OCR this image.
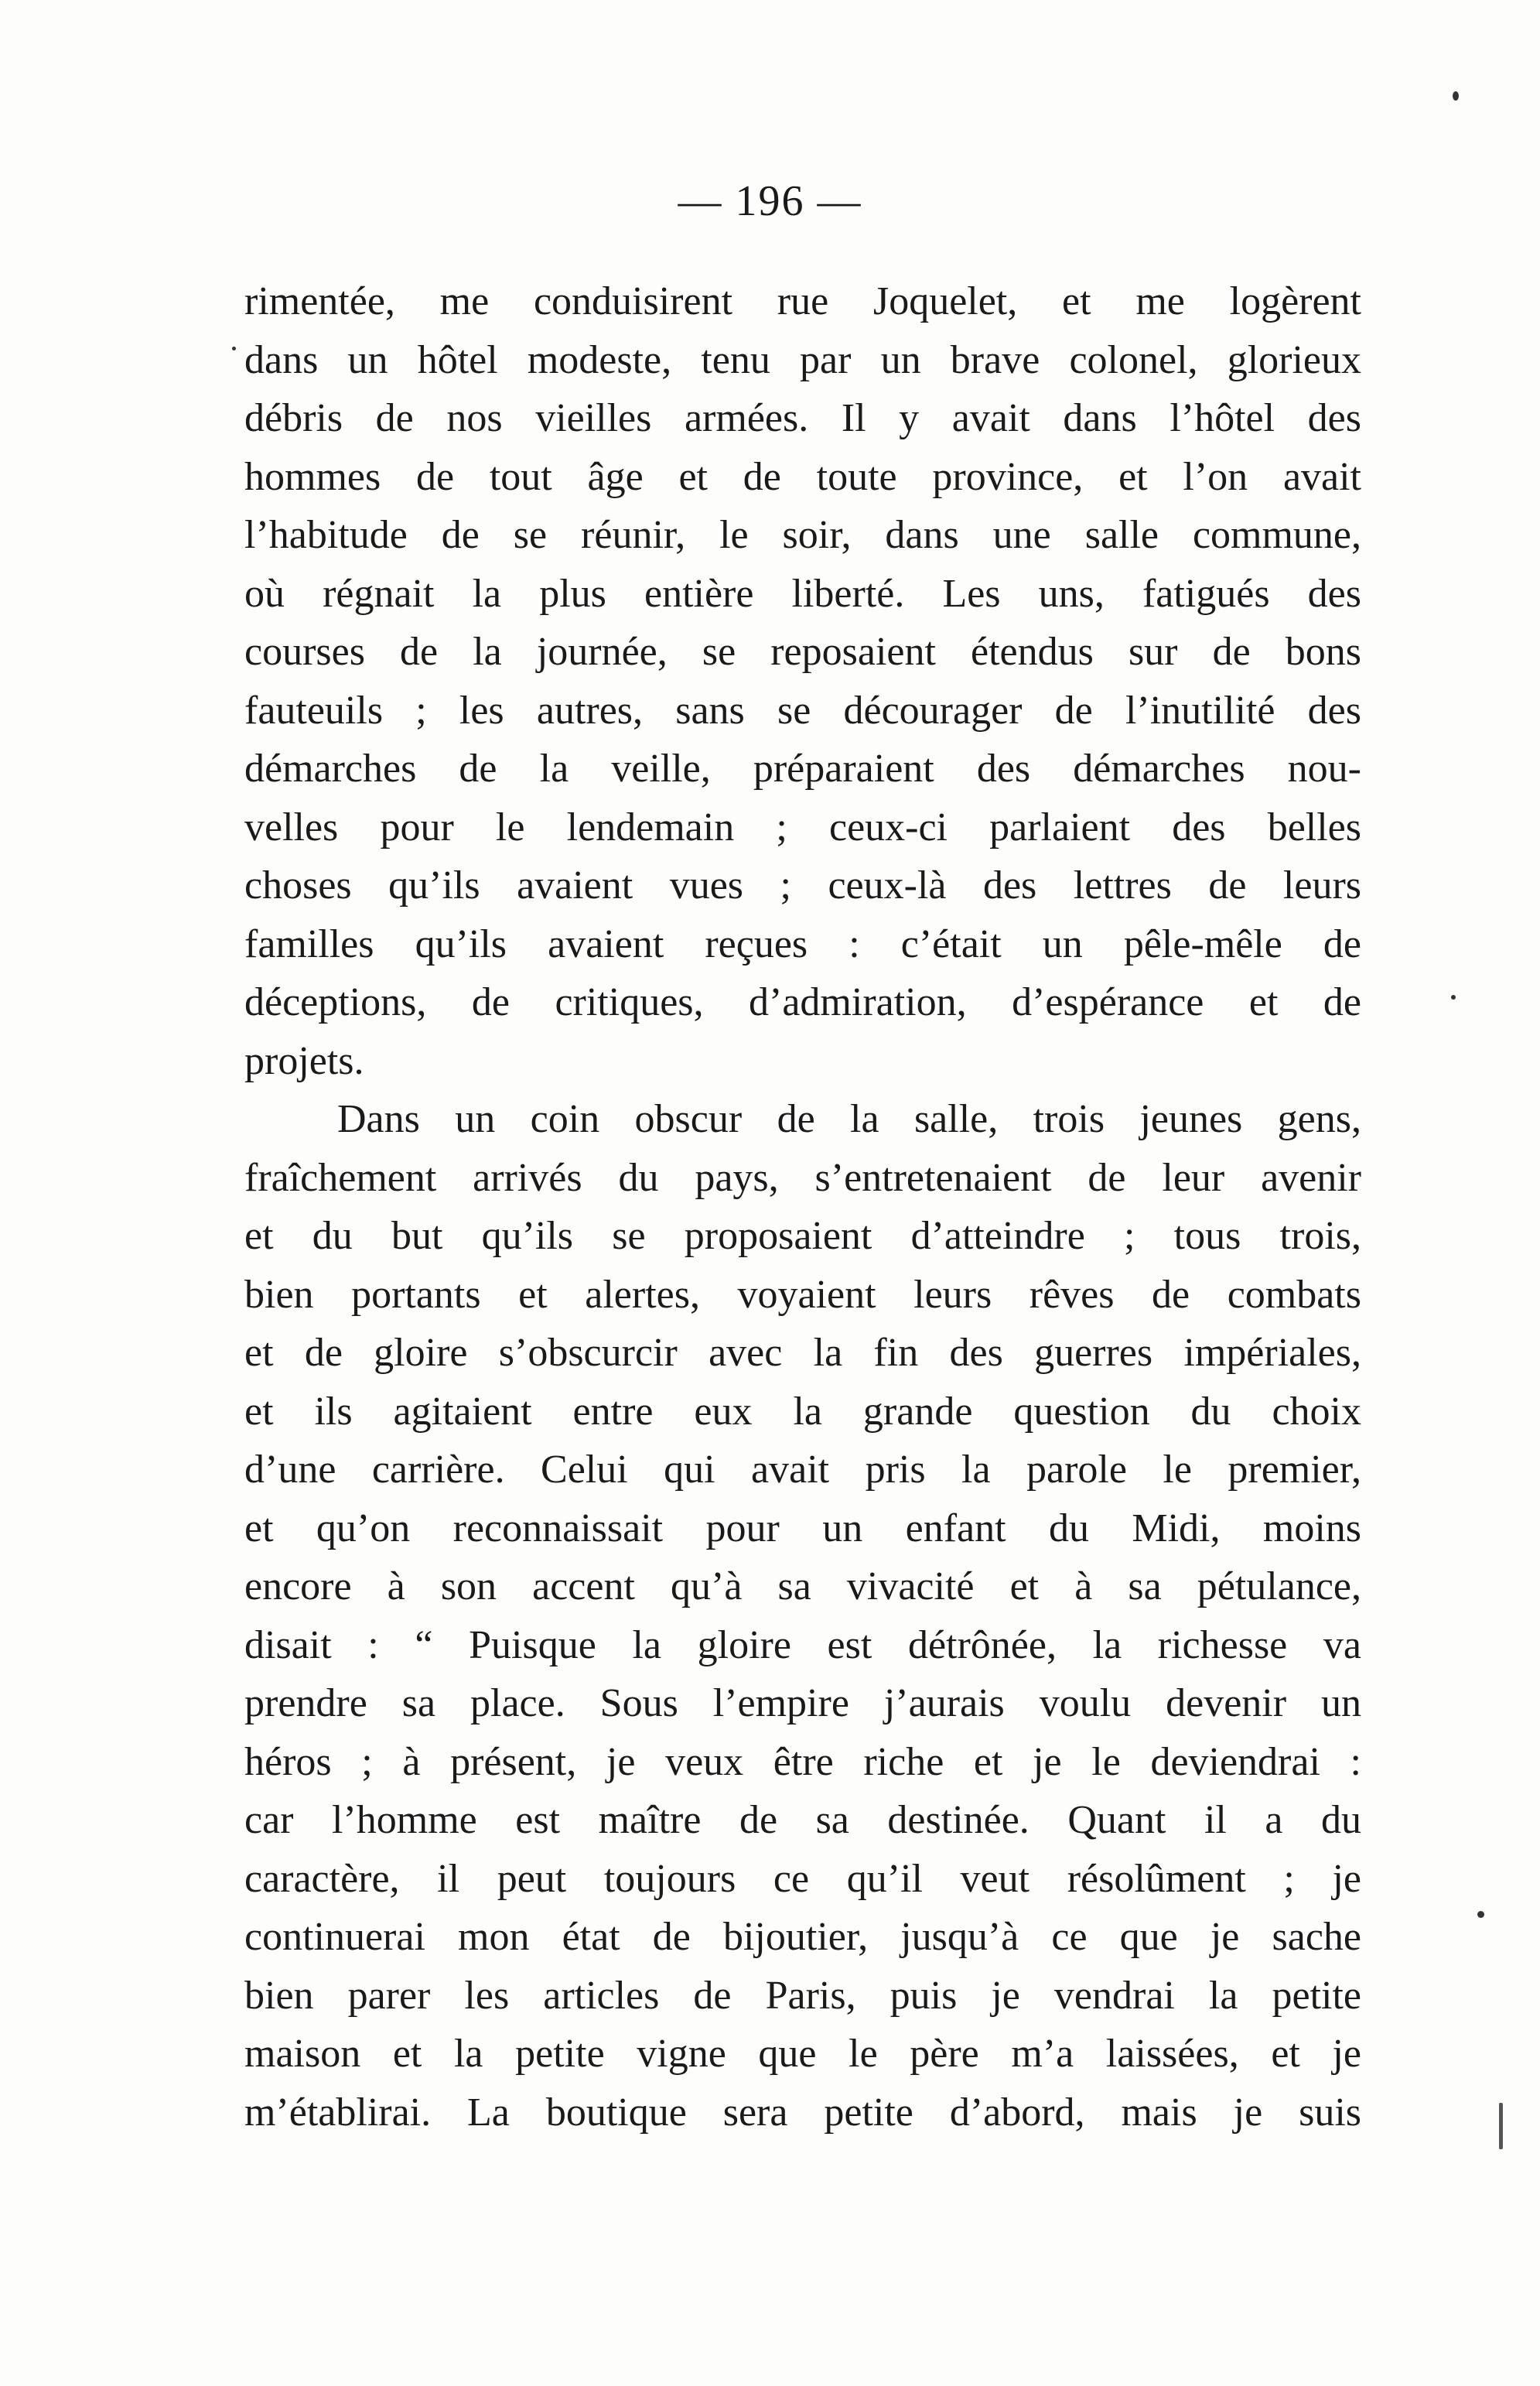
— 196 —
rimentée, me conduisirent rue Joquelet, et me logèrent
dans un hôtel modeste, tenu par un brave colonel, glorieux
débris de nos vieilles armées. Il y avait dans l’hôtel des
hommes de tout âge et de toute province, et l’on avait
l’habitude de se réunir, le soir, dans une salle commune,
où régnait la plus entière liberté. Les uns, fatigués des
courses de la journée, se reposaient étendus sur de bons
fauteuils ; les autres, sans se décourager de l’inutilité des
démarches de la veille, préparaient des démarches nou-
velles pour le lendemain ; ceux-ci parlaient des belles
choses qu’ils avaient vues ; ceux-là des lettres de leurs
familles qu’ils avaient reçues : c’était un pêle-mêle de
déceptions, de critiques, d’admiration, d’espérance et de
projets.
Dans un coin obscur de la salle, trois jeunes gens,
fraîchement arrivés du pays, s’entretenaient de leur avenir
et du but qu’ils se proposaient d’atteindre ; tous trois,
bien portants et alertes, voyaient leurs rêves de combats
et de gloire s’obscurcir avec la fin des guerres impériales,
et ils agitaient entre eux la grande question du choix
d’une carrière. Celui qui avait pris la parole le premier,
et qu’on reconnaissait pour un enfant du Midi, moins
encore à son accent qu’à sa vivacité et à sa pétulance,
disait : “ Puisque la gloire est détrônée, la richesse va
prendre sa place. Sous l’empire j’aurais voulu devenir un
héros ; à présent, je veux être riche et je le deviendrai :
car l’homme est maître de sa destinée. Quant il a du
caractère, il peut toujours ce qu’il veut résolûment ; je
continuerai mon état de bijoutier, jusqu’à ce que je sache
bien parer les articles de Paris, puis je vendrai la petite
maison et la petite vigne que le père m’a laissées, et je
m’établirai. La boutique sera petite d’abord, mais je suis
